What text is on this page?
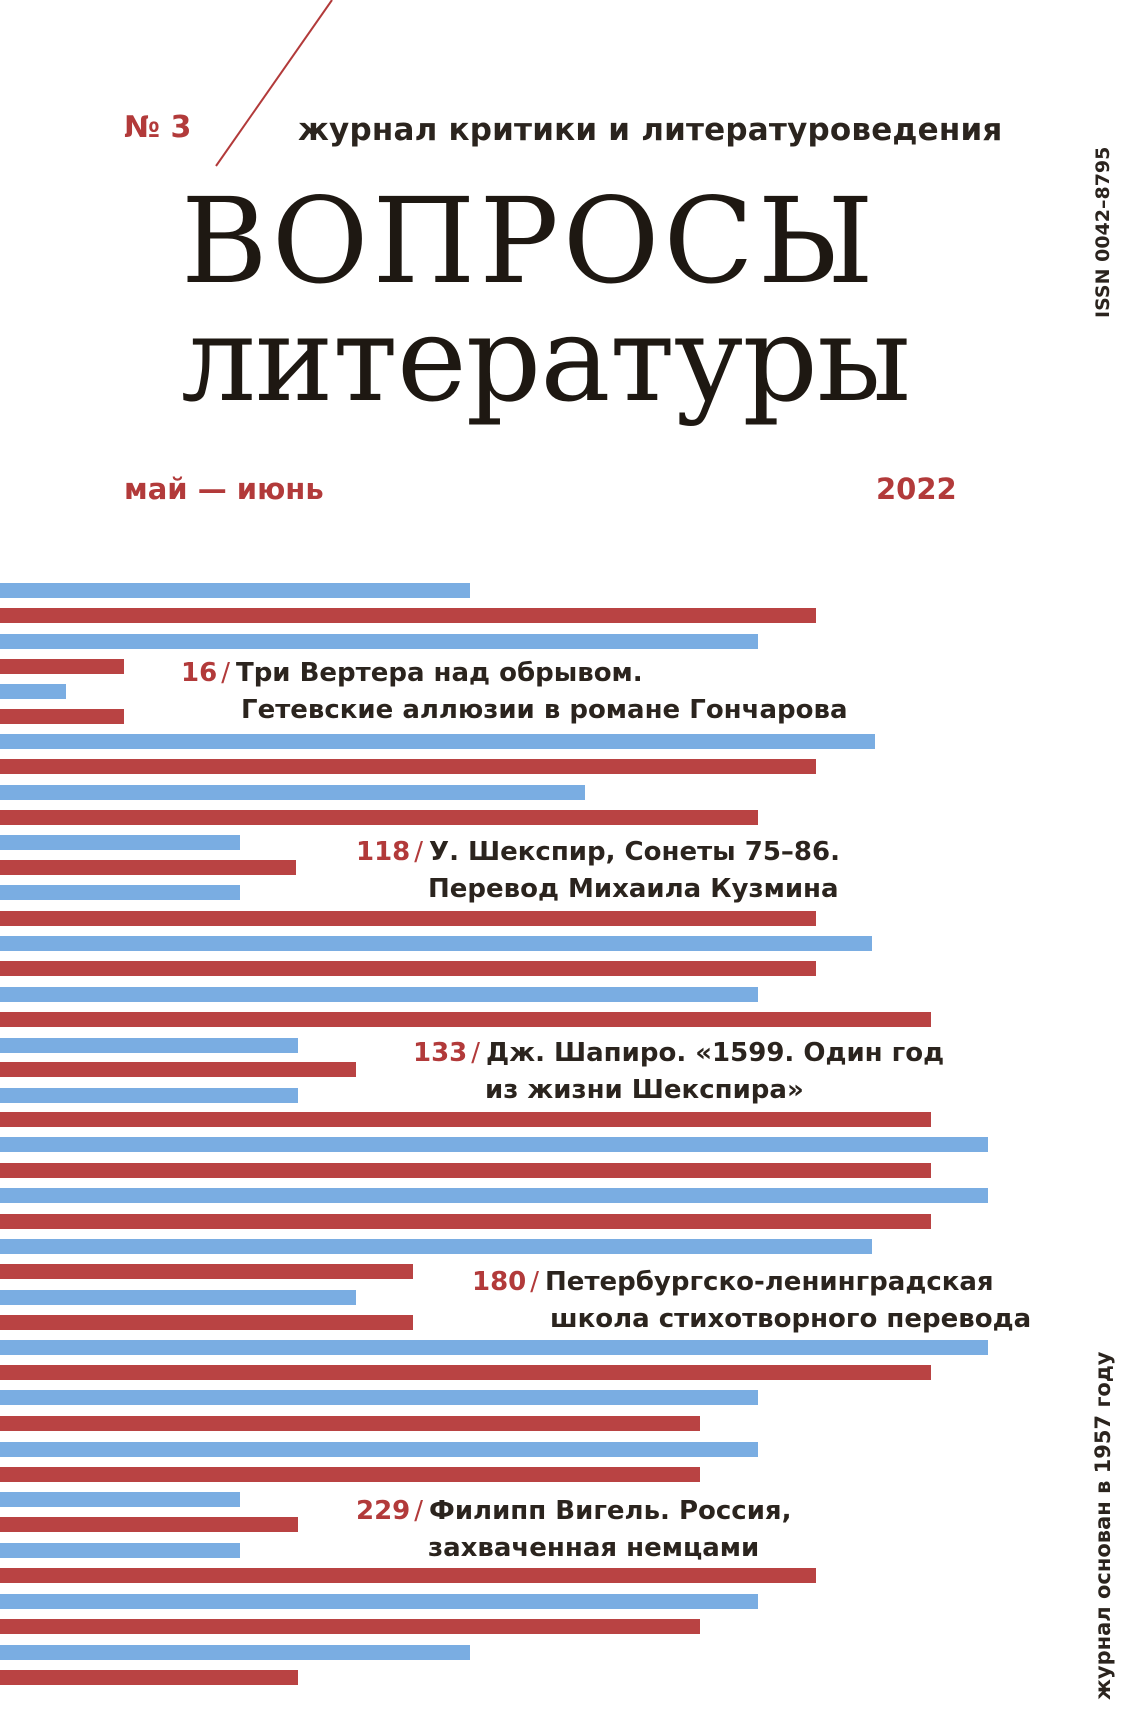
№ 3	журнал критики и литературоведения
ВОПРОСЫ
литературы
май — июнь	2022
ISSN 0042–8795
журнал основан в 1957 году
16 / Три Вертера над обрывом.
Гетевские аллюзии в романе Гончарова
118 / У. Шекспир, Сонеты 75–86.
Перевод Михаила Кузмина
133 / Дж. Шапиро. «1599. Один год
из жизни Шекспира»
180 / Петербургско-ленинградская
школа стихотворного перевода
229 / Филипп Вигель. Россия,
захваченная немцами
